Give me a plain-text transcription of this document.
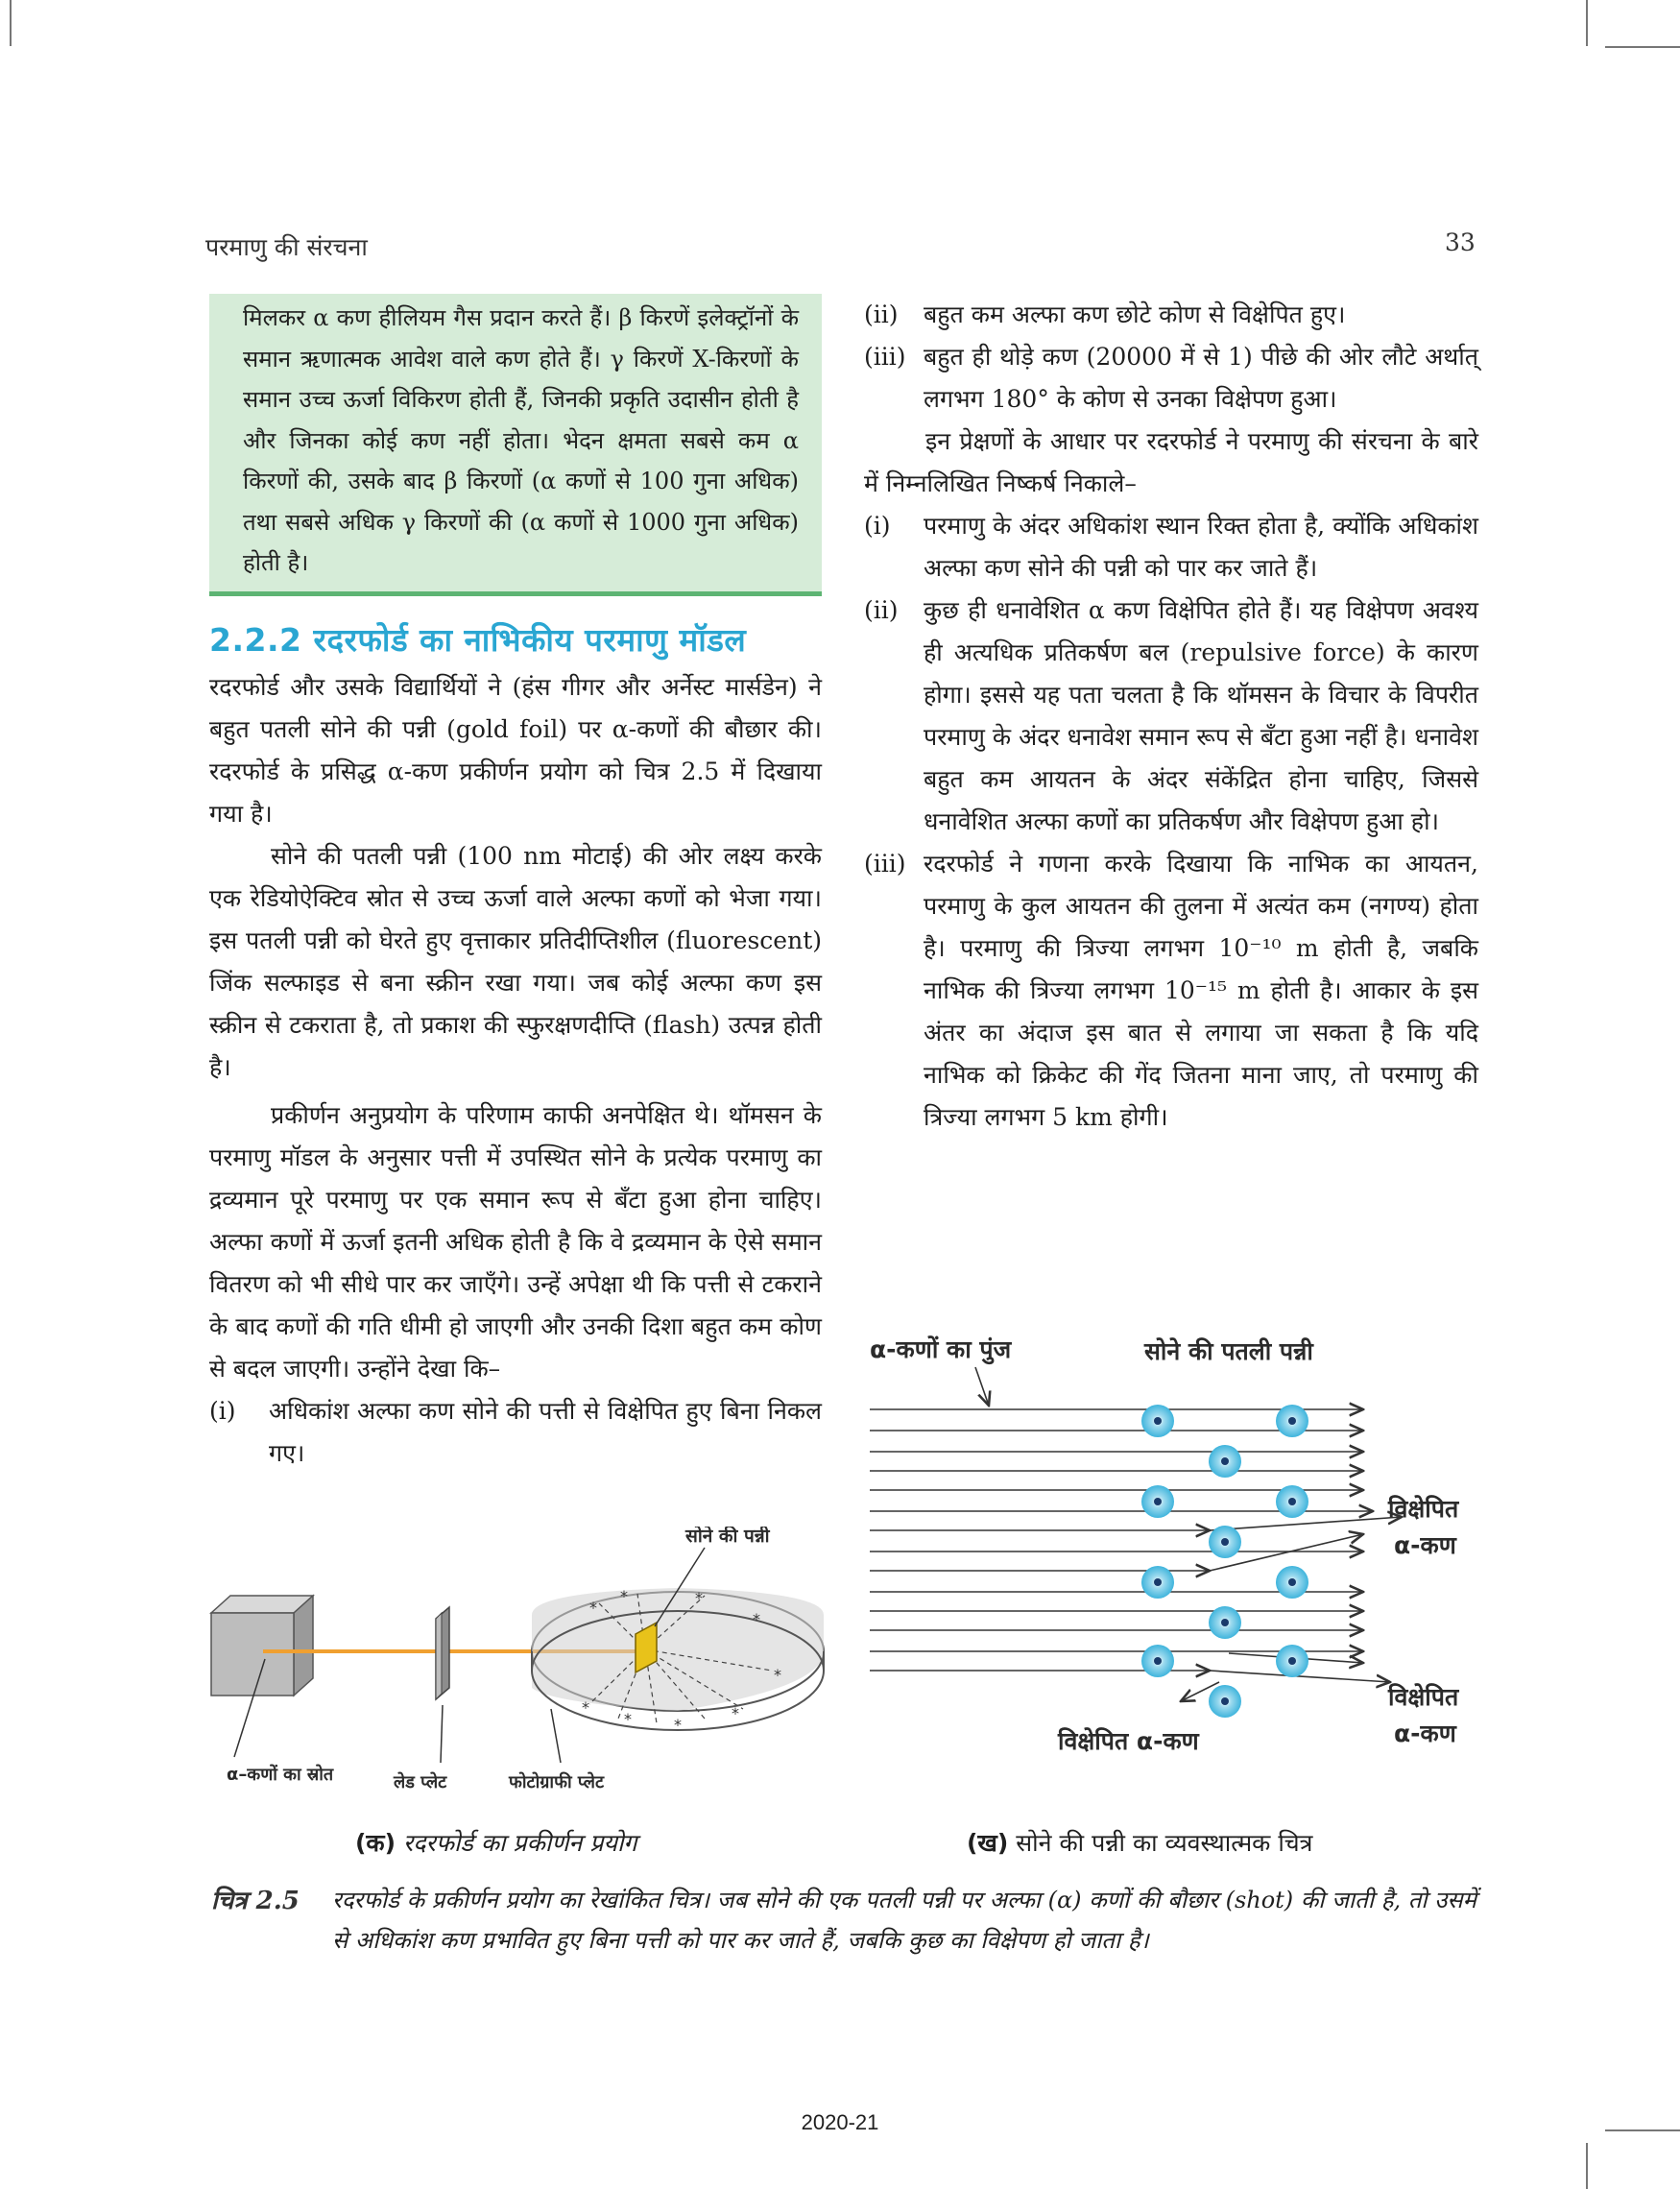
परमाणु की संरचना	33
मिलकर α कण हीलियम गैस प्रदान करते हैं। β किरणें इलेक्ट्रॉनों के समान ऋणात्मक आवेश वाले कण होते हैं। γ किरणें X-किरणों के समान उच्च ऊर्जा विकिरण होती हैं, जिनकी प्रकृति उदासीन होती है और जिनका कोई कण नहीं होता। भेदन क्षमता सबसे कम α किरणों की, उसके बाद β किरणों (α कणों से 100 गुना अधिक) तथा सबसे अधिक γ किरणों की (α कणों से 1000 गुना अधिक) होती है।
2.2.2 रदरफोर्ड का नाभिकीय परमाणु मॉडल

रदरफोर्ड और उसके विद्यार्थियों ने (हंस गीगर और अर्नेस्ट मार्सडेन) ने बहुत पतली सोने की पन्नी (gold foil) पर α-कणों की बौछार की। रदरफोर्ड के प्रसिद्ध α-कण प्रकीर्णन प्रयोग को चित्र 2.5 में दिखाया गया है।

सोने की पतली पन्नी (100 nm मोटाई) की ओर लक्ष्य करके एक रेडियोऐक्टिव स्रोत से उच्च ऊर्जा वाले अल्फा कणों को भेजा गया। इस पतली पन्नी को घेरते हुए वृत्ताकार प्रतिदीप्तिशील (fluorescent) जिंक सल्फाइड से बना स्क्रीन रखा गया। जब कोई अल्फा कण इस स्क्रीन से टकराता है, तो प्रकाश की स्फुरक्षणदीप्ति (flash) उत्पन्न होती है।

प्रकीर्णन अनुप्रयोग के परिणाम काफी अनपेक्षित थे। थॉमसन के परमाणु मॉडल के अनुसार पत्ती में उपस्थित सोने के प्रत्येक परमाणु का द्रव्यमान पूरे परमाणु पर एक समान रूप से बँटा हुआ होना चाहिए। अल्फा कणों में ऊर्जा इतनी अधिक होती है कि वे द्रव्यमान के ऐसे समान वितरण को भी सीधे पार कर जाएँगे। उन्हें अपेक्षा थी कि पत्ती से टकराने के बाद कणों की गति धीमी हो जाएगी और उनकी दिशा बहुत कम कोण से बदल जाएगी। उन्होंने देखा कि–

(i)	अधिकांश अल्फा कण सोने की पत्ती से विक्षेपित हुए बिना निकल गए।
(ii)	बहुत कम अल्फा कण छोटे कोण से विक्षेपित हुए।
(iii) बहुत ही थोड़े कण (20000 में से 1) पीछे की ओर लौटे अर्थात् लगभग 180° के कोण से उनका विक्षेपण हुआ।

इन प्रेक्षणों के आधार पर रदरफोर्ड ने परमाणु की संरचना के बारे में निम्नलिखित निष्कर्ष निकाले–

(i)	परमाणु के अंदर अधिकांश स्थान रिक्त होता है, क्योंकि अधिकांश अल्फा कण सोने की पन्नी को पार कर जाते हैं।
(ii)	कुछ ही धनावेशित α कण विक्षेपित होते हैं। यह विक्षेपण अवश्य ही अत्यधिक प्रतिकर्षण बल (repulsive force) के कारण होगा। इससे यह पता चलता है कि थॉमसन के विचार के विपरीत परमाणु के अंदर धनावेश समान रूप से बँटा हुआ नहीं है। धनावेश बहुत कम आयतन के अंदर संकेंद्रित होना चाहिए, जिससे धनावेशित अल्फा कणों का प्रतिकर्षण और विक्षेपण हुआ हो।
(iii) रदरफोर्ड ने गणना करके दिखाया कि नाभिक का आयतन, परमाणु के कुल आयतन की तुलना में अत्यंत कम (नगण्य) होता है। परमाणु की त्रिज्या लगभग 10⁻¹⁰ m होती है, जबकि नाभिक की त्रिज्या लगभग 10⁻¹⁵ m होती है। आकार के इस अंतर का अंदाज इस बात से लगाया जा सकता है कि यदि नाभिक को क्रिकेट की गेंद जितना माना जाए, तो परमाणु की त्रिज्या लगभग 5 km होगी।
*
*	*
*
*
*
*
*
*
सोने की पन्नी
α–कणों का स्रोत	लेड प्लेट	फोटोग्राफी प्लेट
α-कणों का पुंज	सोने की पतली पन्नी
विक्षेपित
α-कण
विक्षेपित
α-कण
विक्षेपित α-कण
(क) रदरफोर्ड का प्रकीर्णन प्रयोग	(ख) सोने की पन्नी का व्यवस्थात्मक चित्र
चित्र 2.5 रदरफोर्ड के प्रकीर्णन प्रयोग का रेखांकित चित्र। जब सोने की एक पतली पन्नी पर अल्फा (α) कणों की बौछार (shot) की जाती है, तो उसमें से अधिकांश कण प्रभावित हुए बिना पत्ती को पार कर जाते हैं, जबकि कुछ का विक्षेपण हो जाता है।
2020-21
